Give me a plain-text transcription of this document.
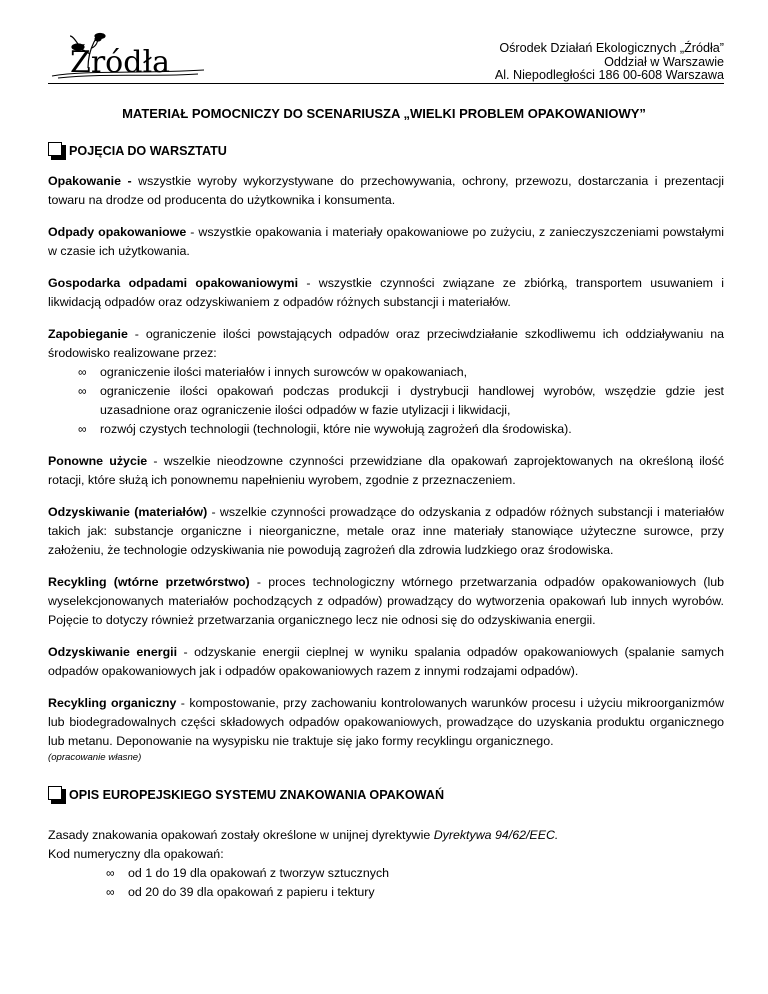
Źródła	Ośrodek Działań Ekologicznych „Źródła”
Oddział w Warszawie
Al. Niepodległości 186 00-608 Warszawa
MATERIAŁ POMOCNICZY DO SCENARIUSZA „WIELKI PROBLEM OPAKOWANIOWY”
POJĘCIA DO WARSZTATU

Opakowanie - wszystkie wyroby wykorzystywane do przechowywania, ochrony, przewozu, dostarczania i prezentacji towaru na drodze od producenta do użytkownika i konsumenta.

Odpady opakowaniowe - wszystkie opakowania i materiały opakowaniowe po zużyciu, z zanieczyszczeniami powstałymi w czasie ich użytkowania.

Gospodarka odpadami opakowaniowymi - wszystkie czynności związane ze zbiórką, transportem usuwaniem i likwidacją odpadów oraz odzyskiwaniem z odpadów różnych substancji i materiałów.

Zapobieganie - ograniczenie ilości powstających odpadów oraz przeciwdziałanie szkodliwemu ich oddziaływaniu na środowisko realizowane przez:

∞ ograniczenie ilości materiałów i innych surowców w opakowaniach,
∞ ograniczenie ilości opakowań podczas produkcji i dystrybucji handlowej wyrobów, wszędzie gdzie jest uzasadnione oraz ograniczenie ilości odpadów w fazie utylizacji i likwidacji,
∞ rozwój czystych technologii (technologii, które nie wywołują zagrożeń dla środowiska).

Ponowne użycie - wszelkie nieodzowne czynności przewidziane dla opakowań zaprojektowanych na określoną ilość rotacji, które służą ich ponownemu napełnieniu wyrobem, zgodnie z przeznaczeniem.

Odzyskiwanie (materiałów) - wszelkie czynności prowadzące do odzyskania z odpadów różnych substancji i materiałów takich jak: substancje organiczne i nieorganiczne, metale oraz inne materiały stanowiące użyteczne surowce, przy założeniu, że technologie odzyskiwania nie powodują zagrożeń dla zdrowia ludzkiego oraz środowiska.

Recykling (wtórne przetwórstwo) - proces technologiczny wtórnego przetwarzania odpadów opakowaniowych (lub wyselekcjonowanych materiałów pochodzących z odpadów) prowadzący do wytworzenia opakowań lub innych wyrobów. Pojęcie to dotyczy również przetwarzania organicznego lecz nie odnosi się do odzyskiwania energii.

Odzyskiwanie energii - odzyskanie energii cieplnej w wyniku spalania odpadów opakowaniowych (spalanie samych odpadów opakowaniowych jak i odpadów opakowaniowych razem z innymi rodzajami odpadów).

Recykling organiczny - kompostowanie, przy zachowaniu kontrolowanych warunków procesu i użyciu mikroorganizmów lub biodegradowalnych części składowych odpadów opakowaniowych, prowadzące do uzyskania produktu organicznego lub metanu. Deponowanie na wysypisku nie traktuje się jako formy recyklingu organicznego.

(opracowanie własne)
OPIS EUROPEJSKIEGO SYSTEMU ZNAKOWANIA OPAKOWAŃ

Zasady znakowania opakowań zostały określone w unijnej dyrektywie Dyrektywa 94/62/EEC.

Kod numeryczny dla opakowań:

∞ od 1 do 19 dla opakowań z tworzyw sztucznych
∞ od 20 do 39 dla opakowań z papieru i tektury
